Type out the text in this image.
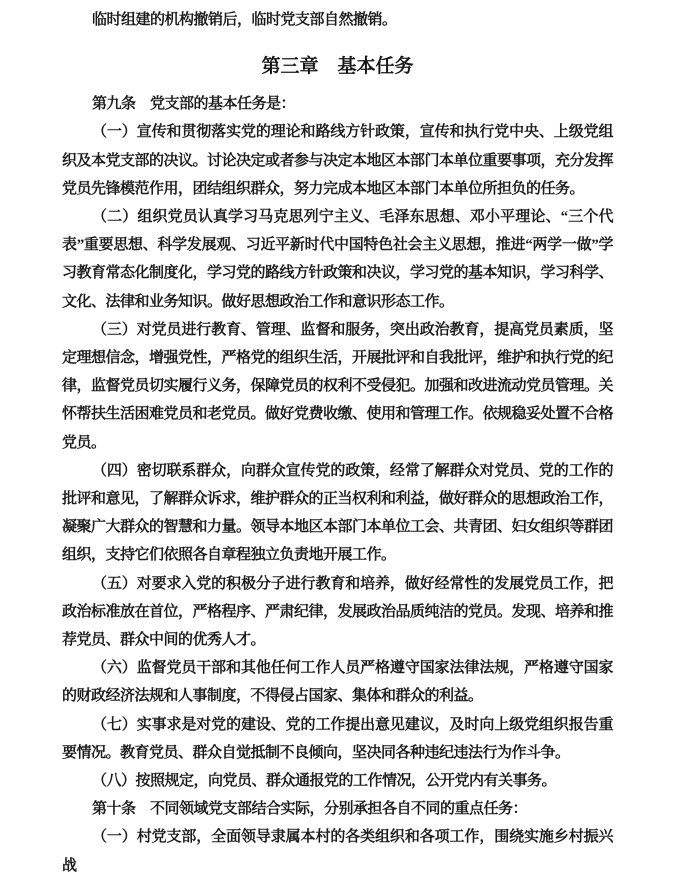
临时组建的机构撤销后，临时党支部自然撤销。

第三章　基本任务

第九条　党支部的基本任务是：

（一）宣传和贯彻落实党的理论和路线方针政策，宣传和执行党中央、上级党组织及本党支部的决议。讨论决定或者参与决定本地区本部门本单位重要事项，充分发挥党员先锋模范作用，团结组织群众，努力完成本地区本部门本单位所担负的任务。

（二）组织党员认真学习马克思列宁主义、毛泽东思想、邓小平理论、“三个代表”重要思想、科学发展观、习近平新时代中国特色社会主义思想，推进“两学一做”学习教育常态化制度化，学习党的路线方针政策和决议，学习党的基本知识，学习科学、文化、法律和业务知识。做好思想政治工作和意识形态工作。

（三）对党员进行教育、管理、监督和服务，突出政治教育，提高党员素质，坚定理想信念，增强党性，严格党的组织生活，开展批评和自我批评，维护和执行党的纪律，监督党员切实履行义务，保障党员的权利不受侵犯。加强和改进流动党员管理。关怀帮扶生活困难党员和老党员。做好党费收缴、使用和管理工作。依规稳妥处置不合格党员。

（四）密切联系群众，向群众宣传党的政策，经常了解群众对党员、党的工作的批评和意见，了解群众诉求，维护群众的正当权利和利益，做好群众的思想政治工作，凝聚广大群众的智慧和力量。领导本地区本部门本单位工会、共青团、妇女组织等群团组织，支持它们依照各自章程独立负责地开展工作。

（五）对要求入党的积极分子进行教育和培养，做好经常性的发展党员工作，把政治标准放在首位，严格程序、严肃纪律，发展政治品质纯洁的党员。发现、培养和推荐党员、群众中间的优秀人才。

（六）监督党员干部和其他任何工作人员严格遵守国家法律法规，严格遵守国家的财政经济法规和人事制度，不得侵占国家、集体和群众的利益。

（七）实事求是对党的建设、党的工作提出意见建议，及时向上级党组织报告重要情况。教育党员、群众自觉抵制不良倾向，坚决同各种违纪违法行为作斗争。

（八）按照规定，向党员、群众通报党的工作情况，公开党内有关事务。

第十条　不同领域党支部结合实际，分别承担各自不同的重点任务：

（一）村党支部，全面领导隶属本村的各类组织和各项工作，围绕实施乡村振兴战
